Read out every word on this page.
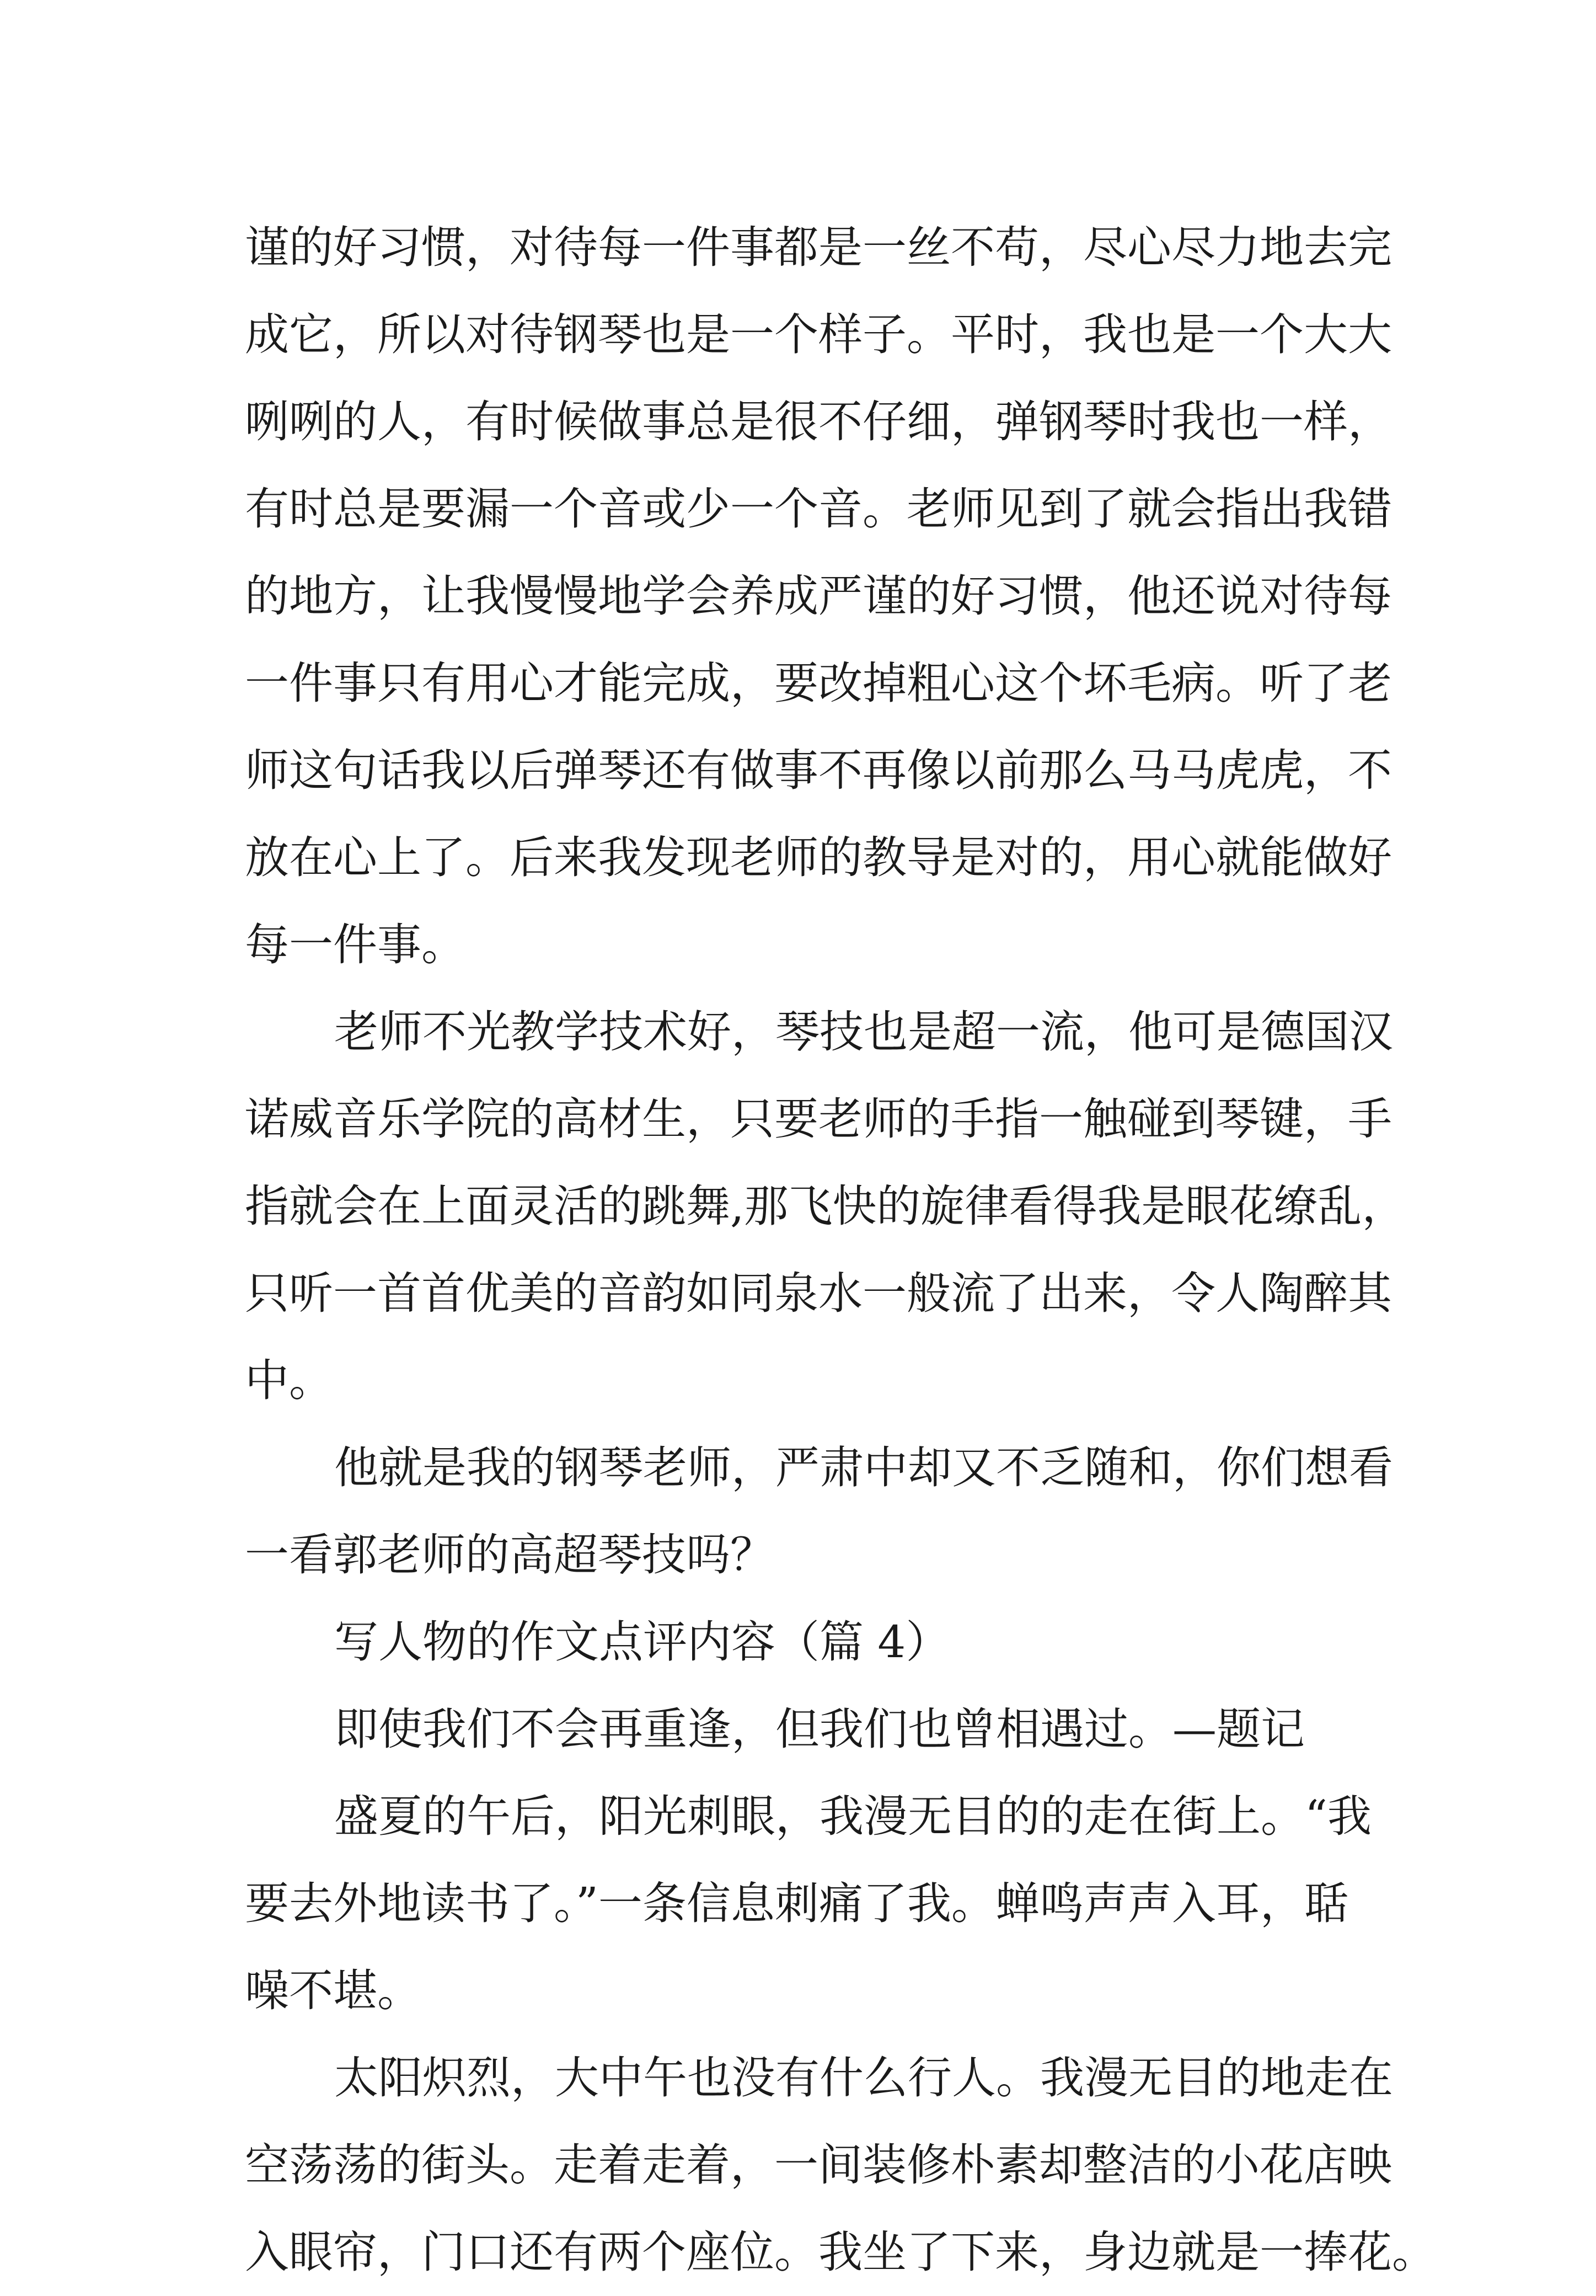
谨的好习惯，对待每一件事都是一丝不苟，尽心尽力地去完
成它，所以对待钢琴也是一个样子。平时，我也是一个大大
咧咧的人，有时候做事总是很不仔细，弹钢琴时我也一样，
有时总是要漏一个音或少一个音。老师见到了就会指出我错
的地方，让我慢慢地学会养成严谨的好习惯，他还说对待每
一件事只有用心才能完成，要改掉粗心这个坏毛病。听了老
师这句话我以后弹琴还有做事不再像以前那么马马虎虎，不
放在心上了。后来我发现老师的教导是对的，用心就能做好
每一件事。
老师不光教学技术好，琴技也是超一流，他可是德国汉
诺威音乐学院的高材生，只要老师的手指一触碰到琴键，手
指就会在上面灵活的跳舞,那飞快的旋律看得我是眼花缭乱，
只听一首首优美的音韵如同泉水一般流了出来，令人陶醉其
中。
他就是我的钢琴老师，严肃中却又不乏随和，你们想看
一看郭老师的高超琴技吗？
写人物的作文点评内容（篇 4）
即使我们不会再重逢，但我们也曾相遇过。—题记
盛夏的午后，阳光刺眼，我漫无目的的走在街上。“我
要去外地读书了。”一条信息刺痛了我。蝉鸣声声入耳，聒
噪不堪。
太阳炽烈，大中午也没有什么行人。我漫无目的地走在
空荡荡的街头。走着走着，一间装修朴素却整洁的小花店映
入眼帘，门口还有两个座位。我坐了下来，身边就是一捧花。
